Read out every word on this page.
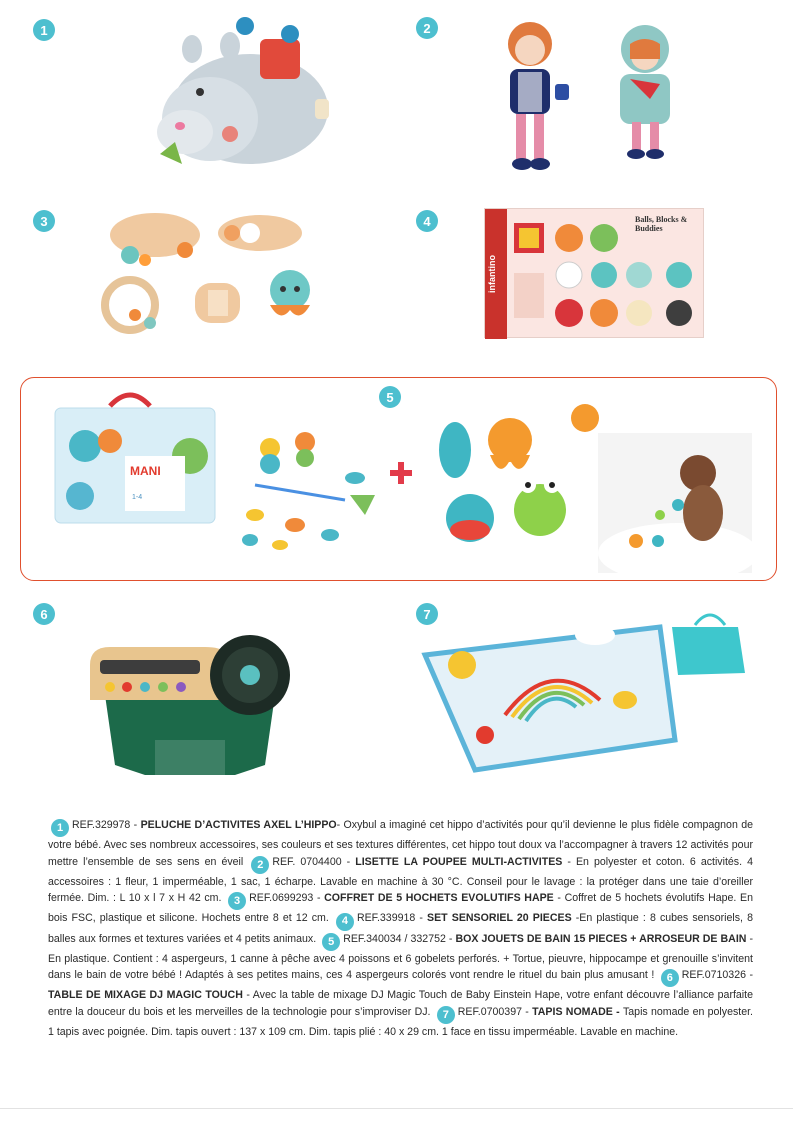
1	2
3	4
5
6	7
infantino
Balls, Blocks & Buddies
MANI
1-4
1 REF.329978 - PELUCHE D’ACTIVITES AXEL L’HIPPO- Oxybul a imaginé cet hippo d’activités pour qu’il devienne le plus fidèle compagnon de votre bébé. Avec ses nombreux accessoires, ses couleurs et ses textures différentes, cet hippo tout doux va l’accompagner à travers 12 activités pour mettre l’ensemble de ses sens en éveil 2 REF. 0704400 - LISETTE LA POUPEE MULTI-ACTIVITES - En polyester et coton. 6 activités. 4 accessoires : 1 fleur, 1 imperméable, 1 sac, 1 écharpe. Lavable en machine à 30 °C. Conseil pour le lavage : la protéger dans une taie d’oreiller fermée. Dim. : L 10 x l 7 x H 42 cm. 3 REF.0699293 - COFFRET DE 5 HOCHETS EVOLUTIFS HAPE - Coffret de 5 hochets évolutifs Hape. En bois FSC, plastique et silicone. Hochets entre 8 et 12 cm. 4 REF.339918 - SET SENSORIEL 20 PIECES -En plastique : 8 cubes sensoriels, 8 balles aux formes et textures variées et 4 petits animaux. 5 REF.340034 / 332752 - BOX JOUETS DE BAIN 15 PIECES + ARROSEUR DE BAIN - En plastique. Contient : 4 aspergeurs, 1 canne à pêche avec 4 poissons et 6 gobelets perforés. + Tortue, pieuvre, hippocampe et grenouille s’invitent dans le bain de votre bébé ! Adaptés à ses petites mains, ces 4 aspergeurs colorés vont rendre le rituel du bain plus amusant ! 6 REF.0710326 - TABLE DE MIXAGE DJ MAGIC TOUCH - Avec la table de mixage DJ Magic Touch de Baby Einstein Hape, votre enfant découvre l’alliance parfaite entre la douceur du bois et les merveilles de la technologie pour s’improviser DJ. 7 REF.0700397 - TAPIS NOMADE - Tapis nomade en polyester. 1 tapis avec poignée. Dim. tapis ouvert : 137 x 109 cm. Dim. tapis plié : 40 x 29 cm. 1 face en tissu imperméable. Lavable en machine.
